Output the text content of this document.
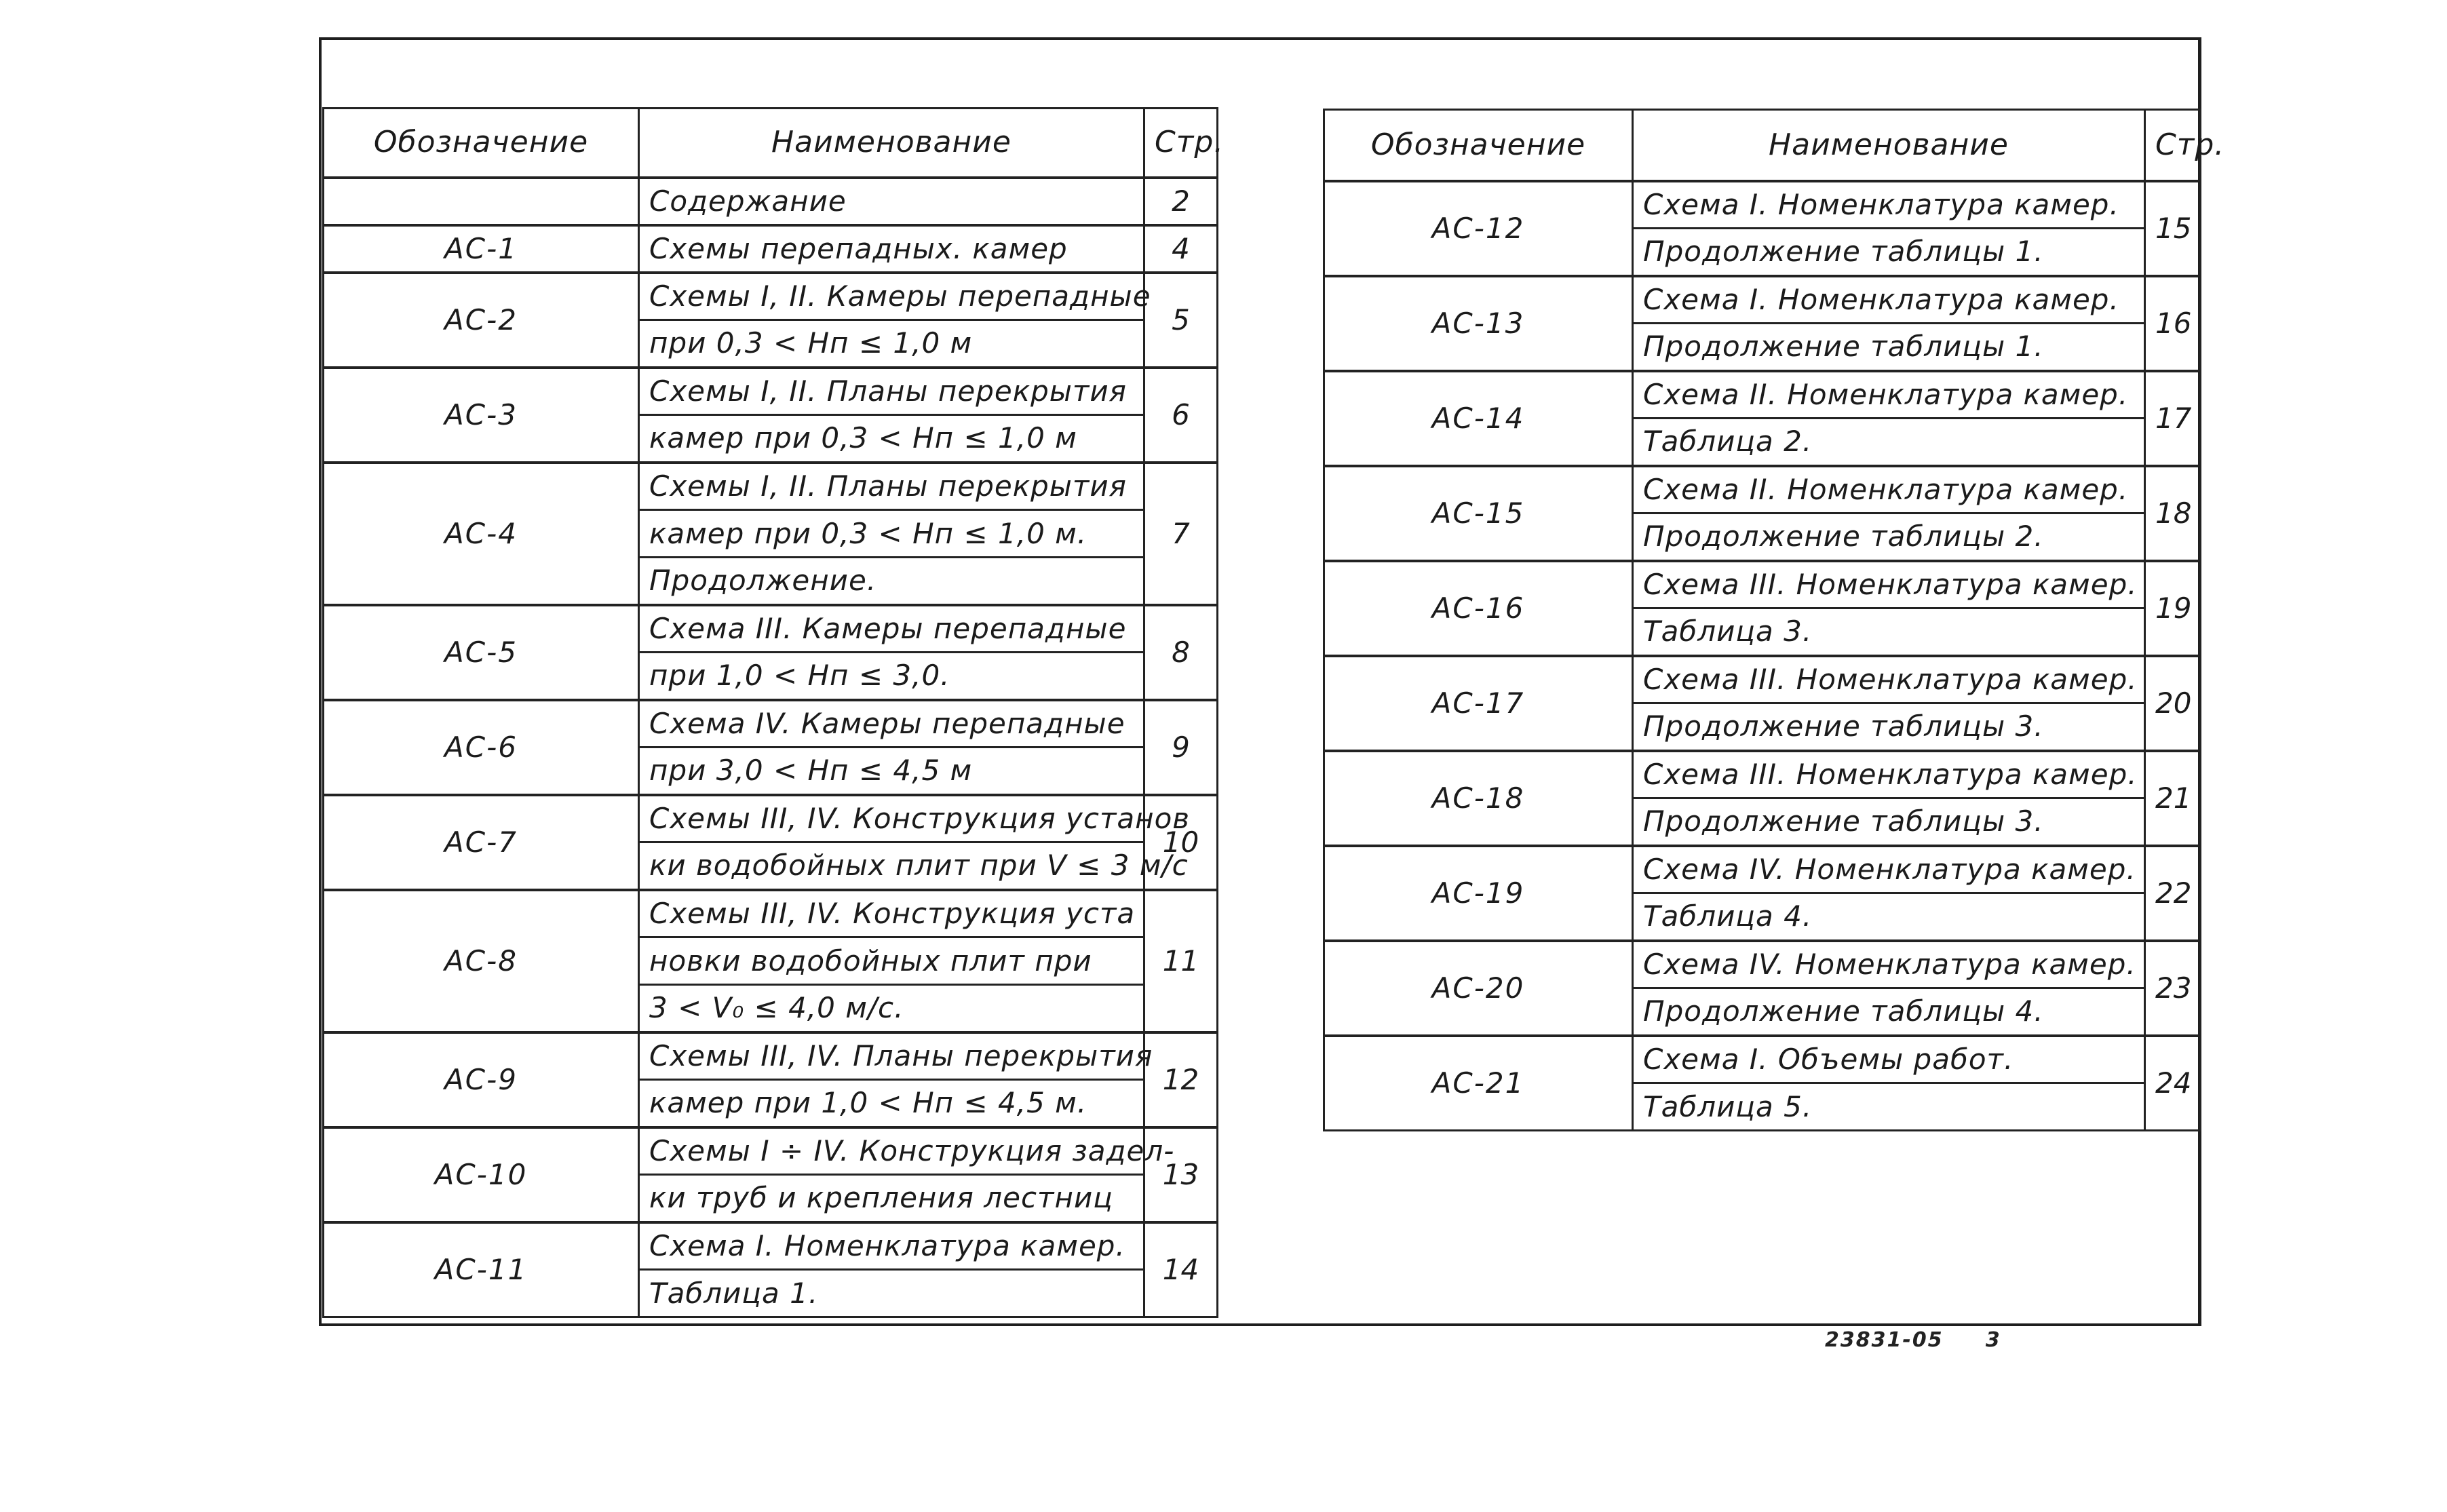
Обозначение	Наименование	Стр.
	Содержание	2
АС-1	Схемы перепадных. камер	4
АС-2	Схемы I, II. Камеры перепадные	5
	при 0,3 < Нп ≤ 1,0 м	
АС-3	Схемы I, II. Планы перекрытия	6
	камер при 0,3 < Нп ≤ 1,0 м	
АС-4	Схемы I, II. Планы перекрытия	7
	камер при 0,3 < Нп ≤ 1,0 м.	
	Продолжение.	
АС-5	Схема III. Камеры перепадные	8
	при 1,0 < Нп ≤ 3,0.	
АС-6	Схема IV. Камеры перепадные	9
	при 3,0 < Нп ≤ 4,5 м	
АС-7	Схемы III, IV. Конструкция установ	10
	ки водобойных плит при V ≤ 3 м/с	
АС-8	Схемы III, IV. Конструкция уста	11
	новки водобойных плит при	
	3 < V₀ ≤ 4,0 м/с.	
АС-9	Схемы III, IV. Планы перекрытия	12
	камер при 1,0 < Нп ≤ 4,5 м.	
АС-10	Схемы I ÷ IV. Конструкция задел-	13
	ки труб и крепления лестниц	
АС-11	Схема I. Номенклатура камер.	14
	Таблица 1.	
Обозначение	Наименование	Стр.
АС-12	Схема I. Номенклатура камер.	15
	Продолжение таблицы 1.	
АС-13	Схема I. Номенклатура камер.	16
	Продолжение таблицы 1.	
АС-14	Схема II. Номенклатура камер.	17
	Таблица 2.	
АС-15	Схема II. Номенклатура камер.	18
	Продолжение таблицы 2.	
АС-16	Схема III. Номенклатура камер.	19
	Таблица 3.	
АС-17	Схема III. Номенклатура камер.	20
	Продолжение таблицы 3.	
АС-18	Схема III. Номенклатура камер.	21
	Продолжение таблицы 3.	
АС-19	Схема IV. Номенклатура камер.	22
	Таблица 4.	
АС-20	Схема IV. Номенклатура камер.	23
	Продолжение таблицы 4.	
АС-21	Схема I. Объемы работ.	24
	Таблица 5.	
23831-05 3
